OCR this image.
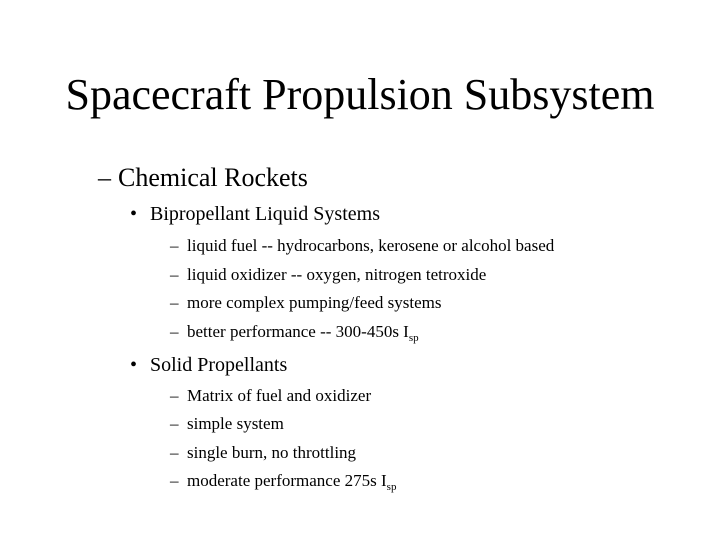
Spacecraft Propulsion Subsystem
– Chemical Rockets
• Bipropellant Liquid Systems
– liquid fuel -- hydrocarbons, kerosene or alcohol based
– liquid oxidizer -- oxygen, nitrogen tetroxide
– more complex pumping/feed systems
– better performance -- 300-450s $I_{sp}$
• Solid Propellants
– Matrix of fuel and oxidizer
– simple system
– single burn, no throttling
– moderate performance 275s $I_{sp}$
